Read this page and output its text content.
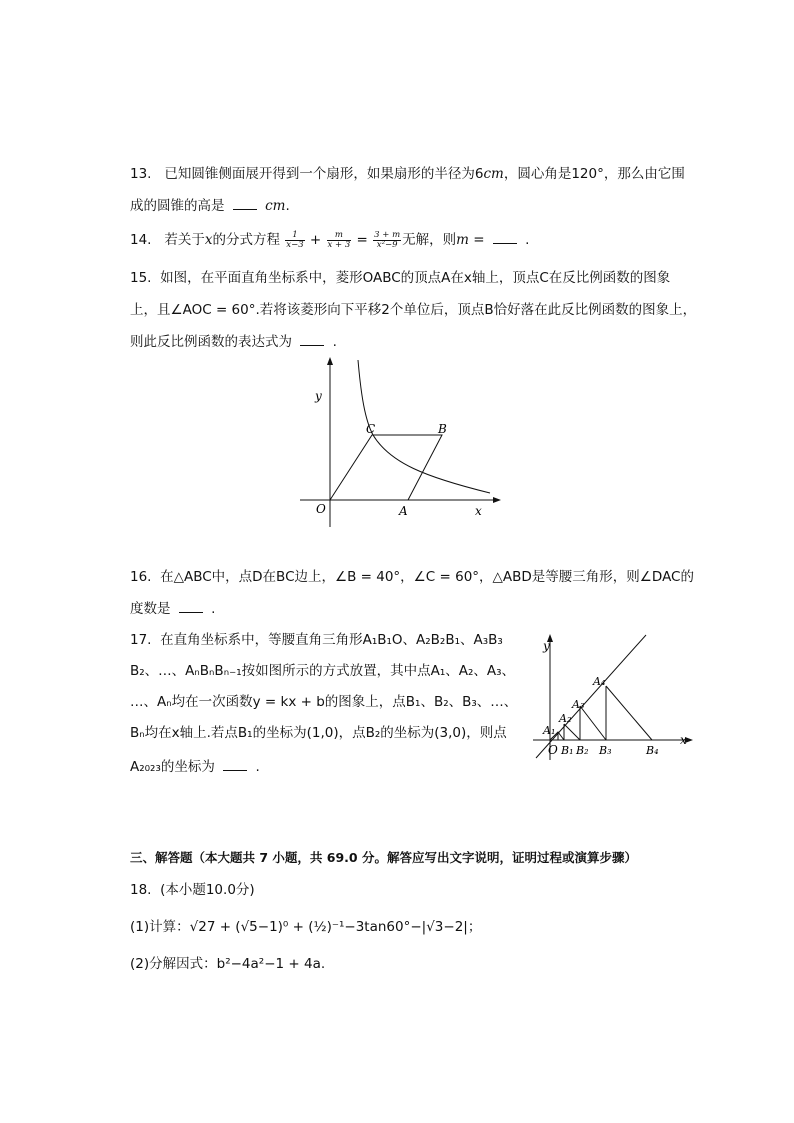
13. 已知圆锥侧面展开得到一个扇形，如果扇形的半径为6cm，圆心角是120°，那么由它围
成的圆锥的高是	cm.
14. 若关于x的分式方程 $\frac{1}{x-3} + \frac{m}{x + 3} = \frac{3 + m}{\text{x²−9}}$ 无解，则m =	.
15. 如图，在平面直角坐标系中，菱形OABC的顶点A在x轴上，顶点C在反比例函数的图象
上，且∠AOC = 60°.若将该菱形向下平移2个单位后，顶点B恰好落在此反比例函数的图象上，
则此反比例函数的表达式为	.
y
x
O	A
B
C
16. 在△ABC中，点D在BC边上，∠B = 40°，∠C = 60°，△ABD是等腰三角形，则∠DAC的
度数是	.
17. 在直角坐标系中，等腰直角三角形A₁B₁O、A₂B₂B₁、A₃B₃
B₂、…、AₙBₙBₙ₋₁按如图所示的方式放置，其中点A₁、A₂、A₃、
…、Aₙ均在一次函数y = kx + b的图象上，点B₁、B₂、B₃、…、
Bₙ均在x轴上.若点B₁的坐标为(1,0)，点B₂的坐标为(3,0)，则点
A₂₀₂₃的坐标为	.
y
x
O
A₁
A₂
A₃
A₄
B₁ B₂ B₃	B₄
三、解答题（本大题共 7 小题，共 69.0 分。解答应写出文字说明，证明过程或演算步骤）
18. (本小题10.0分)
(1)计算：√27 + (√5−1)⁰ + (½)⁻¹−3tan60°−|√3−2|；
(2)分解因式：b²−4a²−1 + 4a.
